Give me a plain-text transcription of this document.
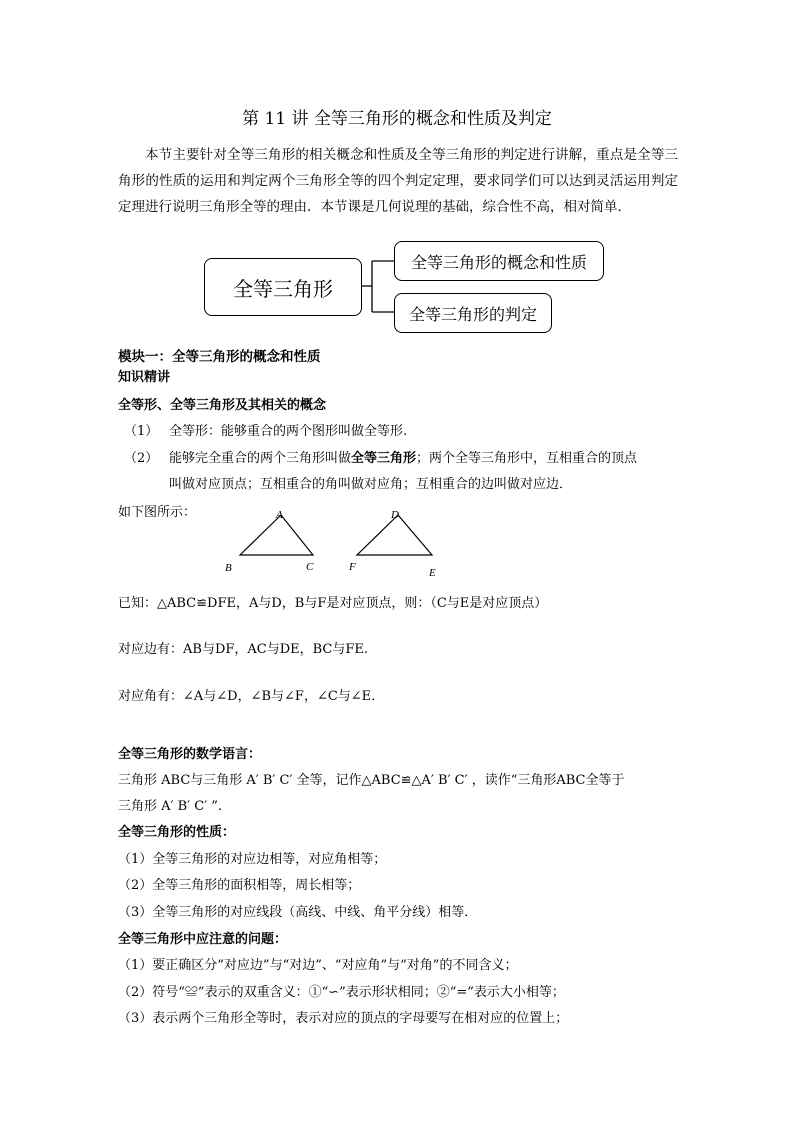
第 11 讲 全等三角形的概念和性质及判定

本节主要针对全等三角形的相关概念和性质及全等三角形的判定进行讲解，重点是全等三角形的性质的运用和判定两个三角形全等的四个判定定理，要求同学们可以达到灵活运用判定定理进行说明三角形全等的理由．本节课是几何说理的基础，综合性不高，相对简单．

全等三角形
全等三角形的概念和性质
全等三角形的判定
模块一：全等三角形的概念和性质
知识精讲
全等形、全等三角形及其相关的概念
（1） 全等形：能够重合的两个图形叫做全等形.
（2） 能够完全重合的两个三角形叫做全等三角形；两个全等三角形中，互相重合的顶点
叫做对应顶点；互相重合的角叫做对应角；互相重合的边叫做对应边．
如下图所示：	A
B	C
D
F	E
已知：△ABC≌DFE，A与D，B与F是对应顶点，则：（C与E是对应顶点）
对应边有：AB与DF，AC与DE，BC与FE.
对应角有：∠A与∠D，∠B与∠F，∠C与∠E．
全等三角形的数学语言：
三角形 ABC与三角形 A′ B′ C′ 全等，记作△ABC≌△A′ B′ C′ ，读作“三角形ABC全等于
三角形 A′ B′ C′ ”.
全等三角形的性质：
（1）全等三角形的对应边相等，对应角相等；
（2）全等三角形的面积相等，周长相等；
（3）全等三角形的对应线段（高线、中线、角平分线）相等．
全等三角形中应注意的问题：
（1）要正确区分“对应边”与“对边”、“对应角”与“对角”的不同含义；
（2）符号“≌”表示的双重含义：①“∽”表示形状相同；②“=”表示大小相等；
（3）表示两个三角形全等时，表示对应的顶点的字母要写在相对应的位置上；
